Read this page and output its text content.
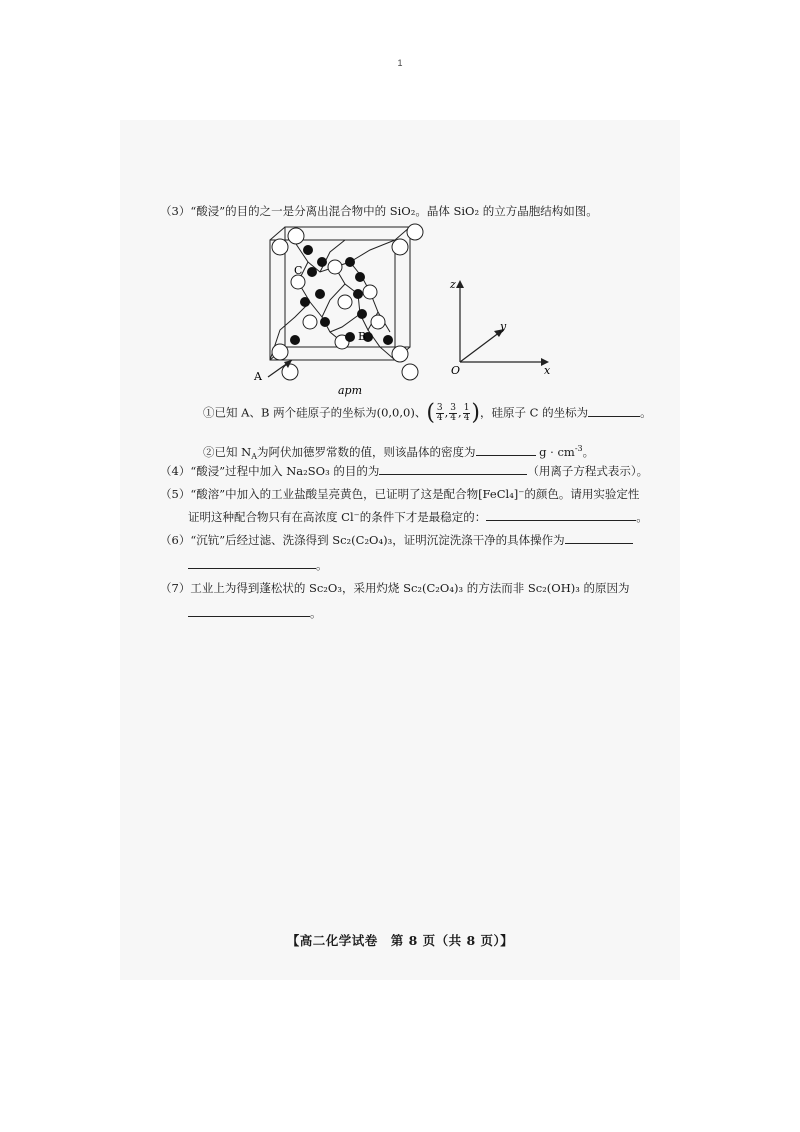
1
（3）“酸浸”的目的之一是分离出混合物中的 SiO₂。晶体 SiO₂ 的立方晶胞结构如图。
A
B
C
apm
z
y
x
O
①已知 A、B 两个硅原子的坐标为(0,0,0)、( $\frac{3}{4}$ , $\frac{3}{4}$ , $\frac{1}{4}$ )，硅原子 C 的坐标为	。
②已知 $N_A$为阿伏加德罗常数的值，则该晶体的密度为	$g \cdot cm^{-3}$。
（4）“酸浸”过程中加入 Na₂SO₃ 的目的为	（用离子方程式表示）。
（5）“酸溶”中加入的工业盐酸呈亮黄色，已证明了这是配合物[FeCl₄]⁻的颜色。请用实验定性
证明这种配合物只有在高浓度 Cl⁻的条件下才是最稳定的：	。
（6）“沉钪”后经过滤、洗涤得到 Sc₂(C₂O₄)₃，证明沉淀洗涤干净的具体操作为
。
（7）工业上为得到蓬松状的 Sc₂O₃，采用灼烧 Sc₂(C₂O₄)₃ 的方法而非 Sc₂(OH)₃ 的原因为
。
【高二化学试卷　第 8 页（共 8 页）】
